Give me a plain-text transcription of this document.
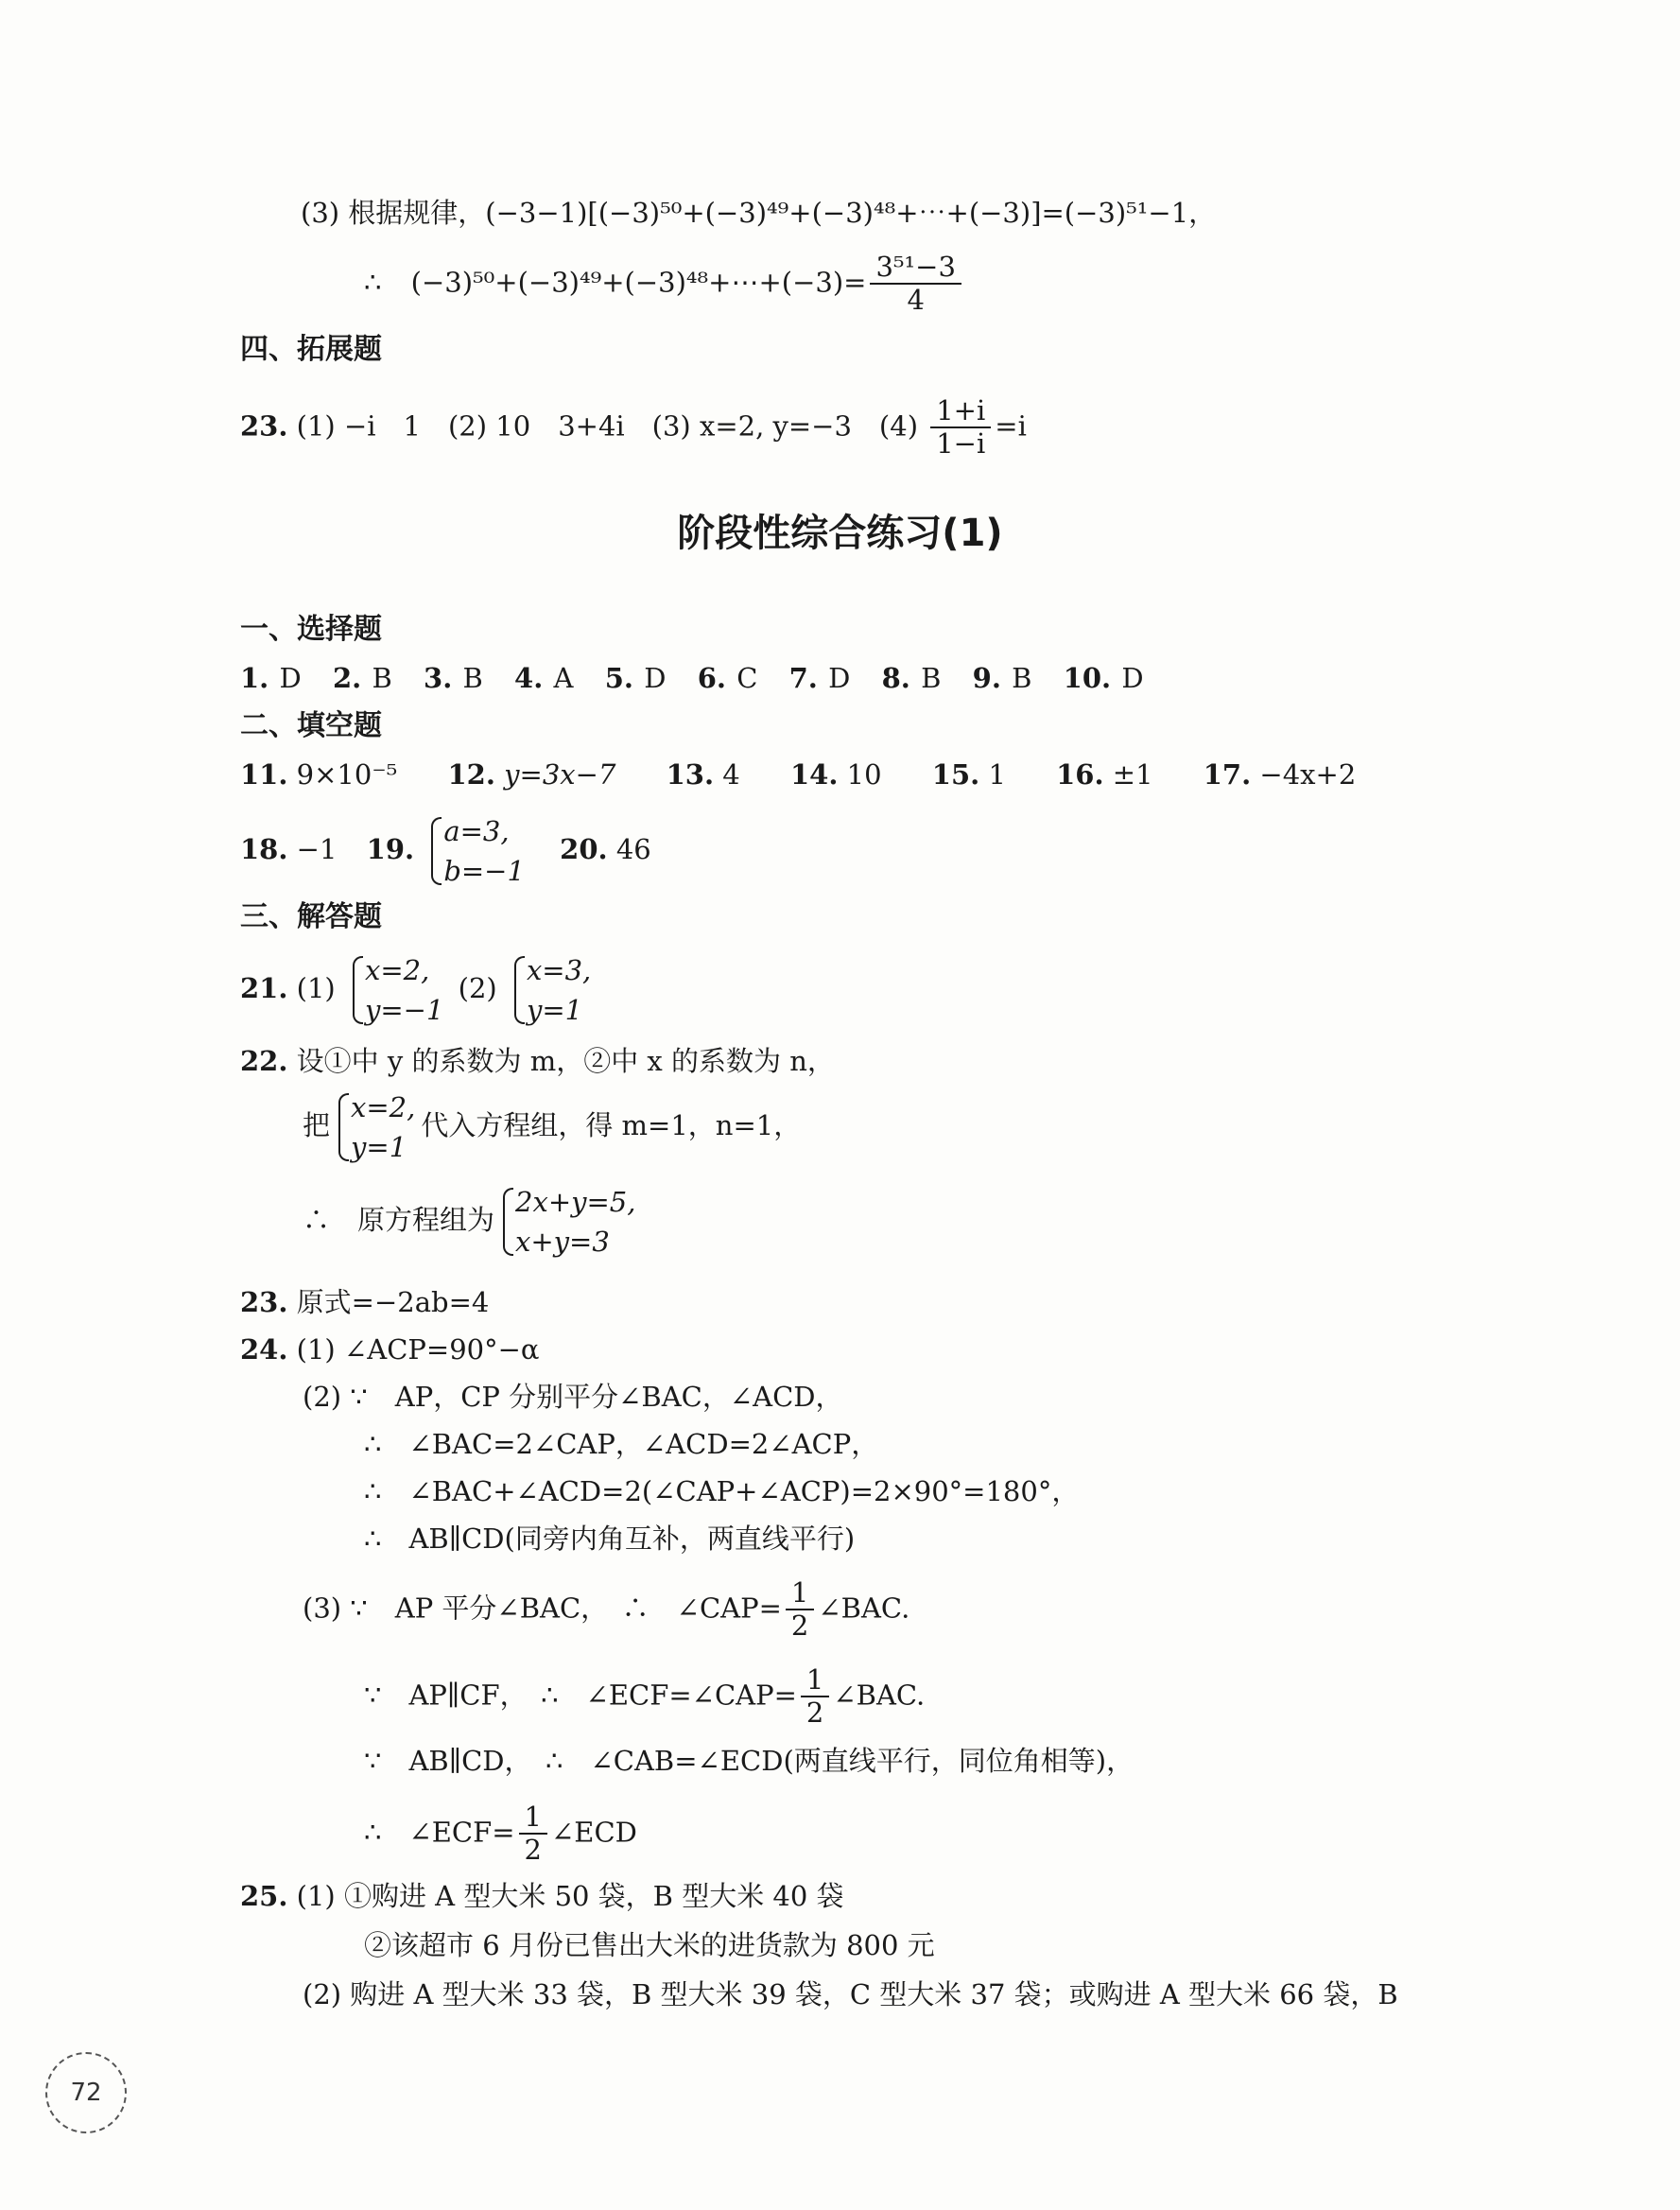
(3) 根据规律，(−3−1)[(−3)⁵⁰+(−3)⁴⁹+(−3)⁴⁸+⋯+(−3)]=(−3)⁵¹−1，
∴ (−3)⁵⁰+(−3)⁴⁹+(−3)⁴⁸+⋯+(−3)= $\frac{\text{3⁵¹−3}}{4}$
四、拓展题
23. (1) −i　1　(2) 10　3+4i　(3) x=2, y=−3　$(4) \frac{1+i}{1-i} =i$
阶段性综合练习(1)
一、选择题
1. D 2. B 3. B 4. A 5. D 6. C 7. D 8. B 9. B 10. D
二、填空题
11. 9×10⁻⁵ 12. y=3x−7 13. 4 14. 10 15. 1 16. ±1 17. −4x+2
18. −1 19.
a=3,
b=−1
20. 46
三、解答题
21. (1)
x=2,
y=−1
(2)
x=3,
y=1
22. 设①中 y 的系数为 m，②中 x 的系数为 n，
把
x=2,
y=1
代入方程组，得 m=1，n=1，
∴　原方程组为
2x+y=5,
x+y=3
23. 原式=−2ab=4
24. (1) ∠ACP=90°−α
(2) ∵　AP，CP 分别平分∠BAC，∠ACD，
∴　∠BAC=2∠CAP，∠ACD=2∠ACP，
∴　∠BAC+∠ACD=2(∠CAP+∠ACP)=2×90°=180°，
∴　AB∥CD(同旁内角互补，两直线平行)
(3) ∵　AP 平分∠BAC，　∴　∠CAP= $\frac{1}{2}$ ∠BAC.
∵　AP∥CF，　∴　∠ECF=∠CAP= $\frac{1}{2}$ ∠BAC.
∵　AB∥CD，　∴　∠CAB=∠ECD(两直线平行，同位角相等)，
∴　∠ECF= $\frac{1}{2}$ ∠ECD
25. (1) ①购进 A 型大米 50 袋，B 型大米 40 袋
②该超市 6 月份已售出大米的进货款为 800 元
(2) 购进 A 型大米 33 袋，B 型大米 39 袋，C 型大米 37 袋；或购进 A 型大米 66 袋，B
72
